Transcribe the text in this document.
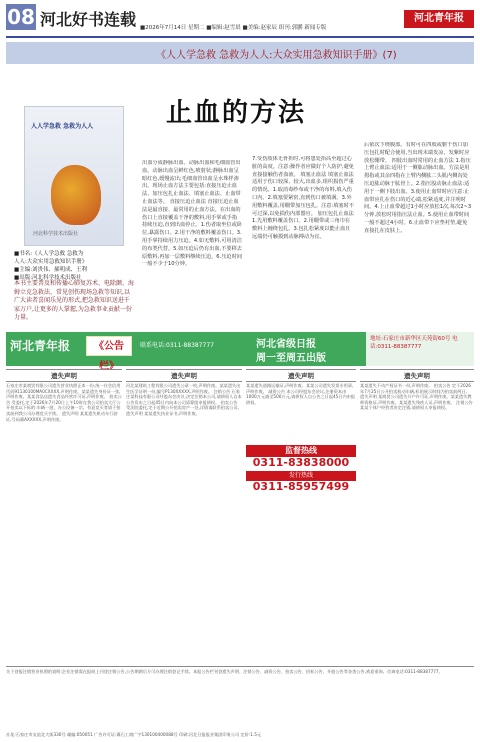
08 河北好书连载 ■2026年7月14日 星期二 ■编辑:赵雪晨 ■美编:赵家辰 组刊:郭鹏 新闻专版
河北青年报
《人人学急救 急救为人人:大众实用急救知识手册》(7)
止血的方法
人人学急救 急救为人人
河北科学技术出版社
■书名:《人人学急救 急救为
人人:大众实用急救知识手册》
■主编:刘贵伟、郝明成、王利
■出版:河北科学技术出版社
本书主要普及和传播心肺复苏术、电除颤、海姆立克急救法、常见创伤现场急救等知识,以广大读者喜闻乐见的形式,把急救知识送进千家万户,让更多的人掌握,为急救事业贡献一份力量。
出血分成静脉出血、动脉出血和毛细血管出血。动脉出血呈鲜红色,喷射状;静脉出血呈暗红色,缓慢流出;毛细血管出血呈水珠样渗出。现场止血方法主要包括:直接压迫止血法、加压包扎止血法、填塞止血法、止血带止血法等。 直接压迫止血法 直接压迫止血法是最直接、最常用的止血方法。在出血的伤口上直接覆盖干净的敷料,用手掌或手指持续压迫,直到出血停止。1.伤者取坐位或卧位,暴露伤口。2.用干净的敷料覆盖伤口。3.用手掌持续用力压迫。4.如无敷料,可用清洁的布类代替。5.如压迫后仍有出血,不要移去原敷料,再加一层敷料继续压迫。6.压迫时间一般不少于10分钟。
7.受伤肢体无骨折时,可将患处抬高至超过心脏的高度。注意:操作者应做好个人防护,避免直接接触伤者血液。 填塞止血法 填塞止血法适用于伤口较深、较大,出血多,组织损伤严重的情况。1.取消毒纱布或干净的布料,填入伤口内。2.填塞要紧密,直到伤口被填满。3.外用敷料覆盖,用绷带加压包扎。注意:填塞时不可过深,以免损伤内部器官。 加压包扎止血法 1.先用敷料覆盖伤口。2.用绷带或三角巾在敷料上缠绕包扎。3.包扎松紧度以能止血且远端仍可触摸到动脉搏动为宜。
后依次下绕腹部。有时可在四肢或躯干伤口加压包扎时配合使用,当出现末端发凉、发紫时应放松绷带。 四肢出血时常用的止血方法 1.指压上臂止血法:适用于一侧肱动脉出血。方法是用拇指或其余四指在上臂内侧肱二头肌内侧沟处压迫肱动脉于肱骨上。2.指压股动脉止血法:适用于一侧下肢出血。3.使用止血带时应注意:止血带应扎在伤口的近心端,松紧适度,并注明时间。4.上止血带超过1小时应放松1次,每次2~3分钟,放松时用指压法止血。5.使用止血带时间一般不超过4小时。6.止血带下应垫衬垫,避免直接扎在皮肤上。
河北青年报	《公告栏》
联系电话:0311-88387777	河北省级日报
周一至周五出版
地址:石家庄市新华区天苑街60号 电话:0311-88387777
遗失声明
石家庄市某商贸有限公司遗失营业执照正本一份,统一社会信用代码91130100MA0CXXXX,声明作废。某某遗失身份证一张,声明作废。某某食品店遗失食品经营许可证,声明作废。 拍卖公告 受委托,定于2026年7月20日上午10时在我公司拍卖大厅公开拍卖以下标的:车辆一批、办公设备一宗。有意竞买者请于拍卖前到我公司办理竞买手续。 遗失声明 某某遗失机动车行驶证,号码冀AXXXXX,声明作废。
遗失声明
河北某建筑工程有限公司遗失公章一枚,声明作废。某某遗失出生医学证明一份,编号P130XXXXX,声明作废。 注销公告 石家庄某科技有限公司经股东会决议,决定注销本公司,请债权人自本公告发布之日起45日内向本公司清算组申报债权。 拍卖公告 受法院委托,定于近期公开拍卖房产一处,详情请联系拍卖公司。 遗失声明 某某遗失执业证书,声明作废。
遗失声明
某某遗失道路运输证,声明作废。某某公司遗失发票专用章,声明作废。 减资公告 本公司经股东会决议,注册资本由1000万元减至500万元,请债权人自公告之日起45日内申报债权。
遗失声明
某某遗失不动产权证书一份,声明作废。 拍卖公告 定于2026年7月25日公开拍卖机动车辆,标的展示时间为拍卖前两日。 遗失声明 某商贸公司遗失开户许可证,声明作废。某某遗失教师资格证,声明作废。某某遗失残疾人证,声明作废。 注销公告 某某个体户经营者决定注销,请债权人申报债权。
监督热线
0311-83838000
发行热线
0311-85957499
关于登报注销营业执照的说明:企业注销需在报纸上刊登注销公告,公告期满后方可办理注销登记手续。本报公告栏刊登遗失声明、注销公告、减资公告、拍卖公告、招标公告、开庭公告等各类公告,欢迎垂询。咨询电话:0311-88387777。
社址:石家庄市友谊北大街330号 邮编:050051 广告许可证:冀石工商广字130100400088号 印刷:河北日报报业集团印务公司 定价:1.5元
